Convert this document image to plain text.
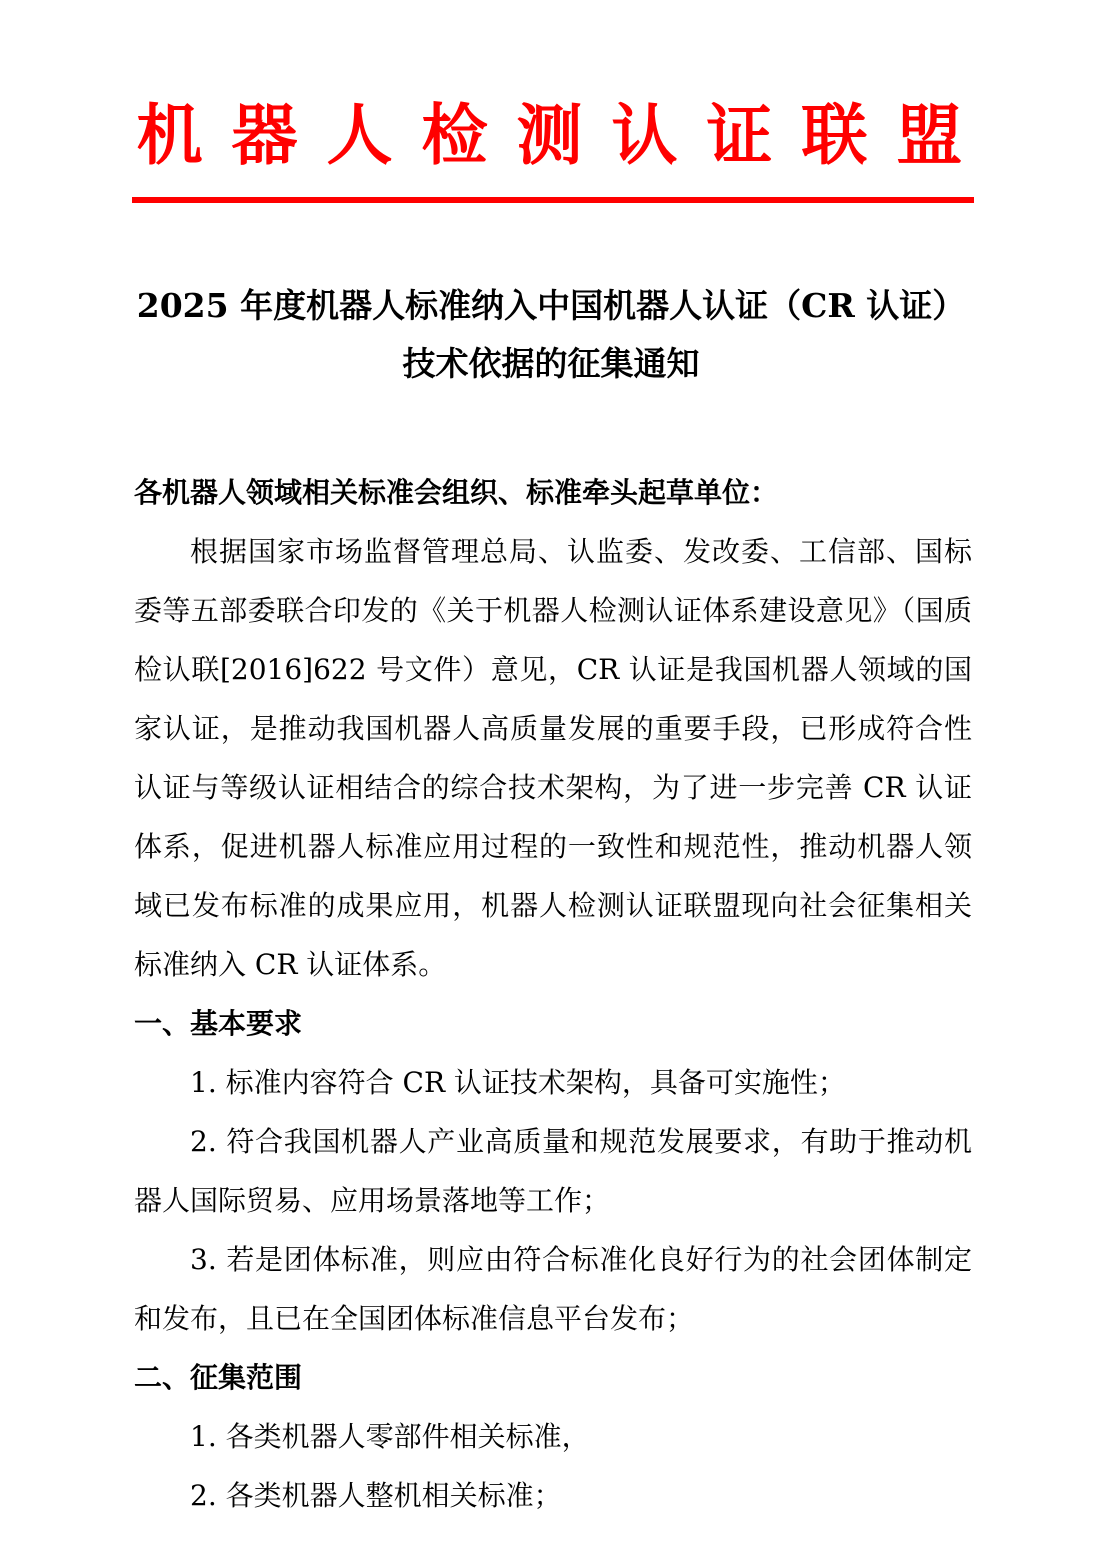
机 器 人 检 测 认 证 联 盟
2025 年度机器人标准纳入中国机器人认证（CR 认证）
技术依据的征集通知

各机器人领域相关标准会组织、标准牵头起草单位：

根据国家市场监督管理总局、认监委、发改委、工信部、国标委等五部委联合印发的《关于机器人检测认证体系建设意见》（国质检认联[2016]622 号文件）意见，CR 认证是我国机器人领域的国家认证，是推动我国机器人高质量发展的重要手段，已形成符合性认证与等级认证相结合的综合技术架构，为了进一步完善 CR 认证体系，促进机器人标准应用过程的一致性和规范性，推动机器人领域已发布标准的成果应用，机器人检测认证联盟现向社会征集相关标准纳入 CR 认证体系。

一、基本要求

1. 标准内容符合 CR 认证技术架构，具备可实施性；

2. 符合我国机器人产业高质量和规范发展要求，有助于推动机器人国际贸易、应用场景落地等工作；

3. 若是团体标准，则应由符合标准化良好行为的社会团体制定和发布，且已在全国团体标准信息平台发布；

二、征集范围

1. 各类机器人零部件相关标准，

2. 各类机器人整机相关标准；
